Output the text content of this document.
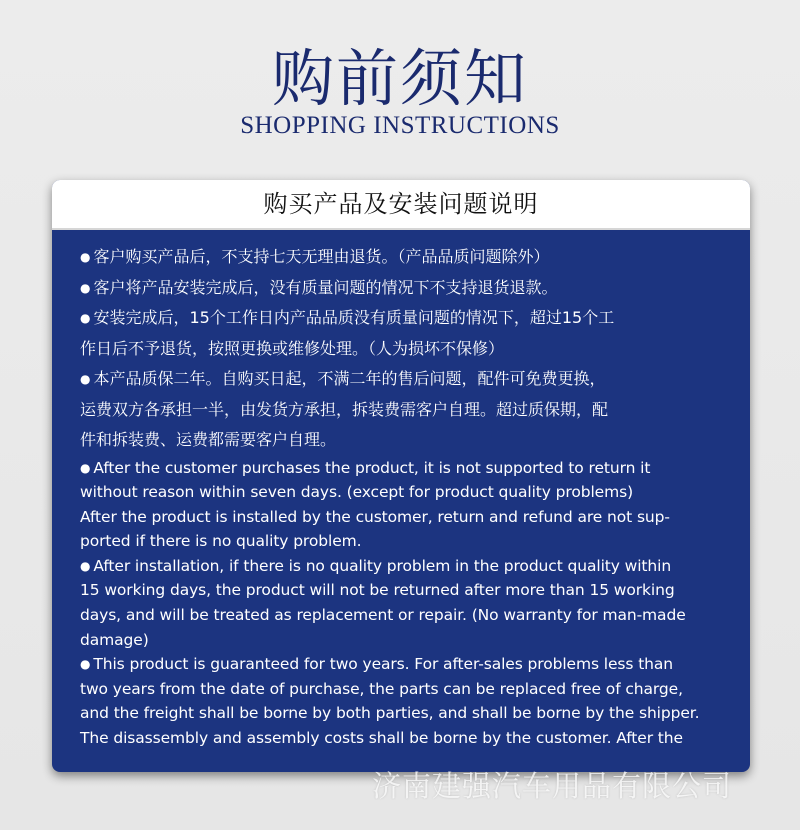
购前须知
SHOPPING INSTRUCTIONS
购买产品及安装问题说明

● 客户购买产品后，不支持七天无理由退货。（产品品质问题除外）

● 客户将产品安装完成后，没有质量问题的情况下不支持退货退款。

● 安装完成后，15个工作日内产品品质没有质量问题的情况下，超过15个工

作日后不予退货，按照更换或维修处理。（人为损坏不保修）

● 本产品质保二年。自购买日起，不满二年的售后问题，配件可免费更换，

运费双方各承担一半，由发货方承担，拆装费需客户自理。超过质保期，配

件和拆装费、运费都需要客户自理。

● After the customer purchases the product, it is not supported to return it

without reason within seven days. (except for product quality problems)

After the product is installed by the customer, return and refund are not sup-

ported if there is no quality problem.

● After installation, if there is no quality problem in the product quality within

15 working days, the product will not be returned after more than 15 working

days, and will be treated as replacement or repair. (No warranty for man-made

damage)

● This product is guaranteed for two years. For after-sales problems less than

two years from the date of purchase, the parts can be replaced free of charge,

and the freight shall be borne by both parties, and shall be borne by the shipper.

The disassembly and assembly costs shall be borne by the customer. After the

济南建强汽车用品有限公司
